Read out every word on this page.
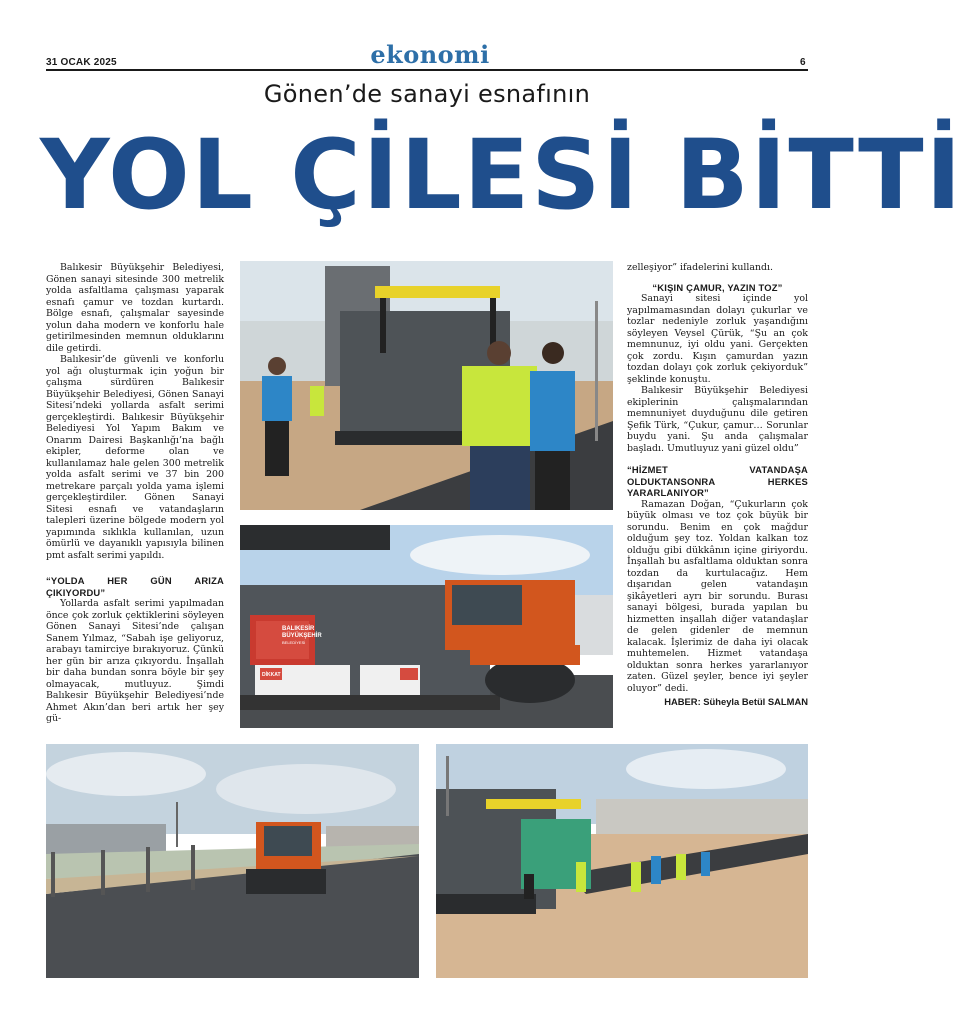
31 OCAK 2025	ekonomi	6
Gönen’de sanayi esnafının
YOL ÇİLESİ BİTTİ

Balıkesir Büyükşehir Belediyesi, Gönen sanayi sitesinde 300 metrelik yolda asfaltlama çalışması yaparak esnafı çamur ve tozdan kurtardı. Bölge esnafı, çalışmalar sayesinde yolun daha modern ve konforlu hale getirilmesinden memnun olduklarını dile getirdi.

Balıkesir’de güvenli ve konforlu yol ağı oluşturmak için yoğun bir çalışma sürdüren Balıkesir Büyükşehir Belediyesi, Gönen Sanayi Sitesi’ndeki yollarda asfalt serimi gerçekleştirdi. Balıkesir Büyükşehir Belediyesi Yol Yapım Bakım ve Onarım Dairesi Başkanlığı’na bağlı ekipler, deforme olan ve kullanılamaz hale gelen 300 metrelik yolda asfalt serimi ve 37 bin 200 metrekare parçalı yolda yama işlemi gerçekleştirdiler. Gönen Sanayi Sitesi esnafı ve vatandaşların talepleri üzerine bölgede modern yol yapımında sıklıkla kullanılan, uzun ömürlü ve dayanıklı yapısıyla bilinen pmt asfalt serimi yapıldı.

“YOLDA HER GÜN ARIZA ÇIKIYORDU”

Yollarda asfalt serimi yapılmadan önce çok zorluk çektiklerini söyleyen Gönen Sanayi Sitesi’nde çalışan Sanem Yılmaz, “Sabah işe geliyoruz, arabayı tamirciye bırakıyoruz. Çünkü her gün bir arıza çıkıyordu. İnşallah bir daha bundan sonra böyle bir şey olmayacak, mutluyuz. Şimdi Balıkesir Büyükşehir Belediyesi’nde Ahmet Akın’dan beri artık her şey gü-

zelleşiyor” ifadelerini kullandı.

“KIŞIN ÇAMUR, YAZIN TOZ”

Sanayi sitesi içinde yol yapılmamasından dolayı çukurlar ve tozlar nedeniyle zorluk yaşandığını söyleyen Veysel Çürük, “Şu an çok memnunuz, iyi oldu yani. Gerçekten çok zordu. Kışın çamurdan yazın tozdan dolayı çok zorluk çekiyorduk” şeklinde konuştu.

Balıkesir Büyükşehir Belediyesi ekiplerinin çalışmalarından memnuniyet duyduğunu dile getiren Şefik Türk, “Çukur, çamur… Sorunlar buydu yani. Şu anda çalışmalar başladı. Umutluyuz yani güzel oldu”

“HİZMET VATANDAŞA OLDUKTANSONRA HERKES YARARLANIYOR”

Ramazan Doğan, “Çukurların çok büyük olması ve toz çok büyük bir sorundu. Benim en çok mağdur olduğum şey toz. Yoldan kalkan toz olduğu gibi dükkânın içine giriyordu. İnşallah bu asfaltlama olduktan sonra tozdan da kurtulacağız. Hem dışarıdan gelen vatandaşın şikâyetleri ayrı bir sorundu. Burası sanayi bölgesi, burada yapılan bu hizmetten inşallah diğer vatandaşlar de gelen gidenler de memnun kalacak. İşlerimiz de daha iyi olacak muhtemelen. Hizmet vatandaşa olduktan sonra herkes yararlanıyor zaten. Güzel şeyler, bence iyi şeyler oluyor” dedi.

HABER: Süheyla Betül SALMAN
BALIKESİR
BÜYÜKŞEHİR
BELEDİYESİ
DİKKAT
